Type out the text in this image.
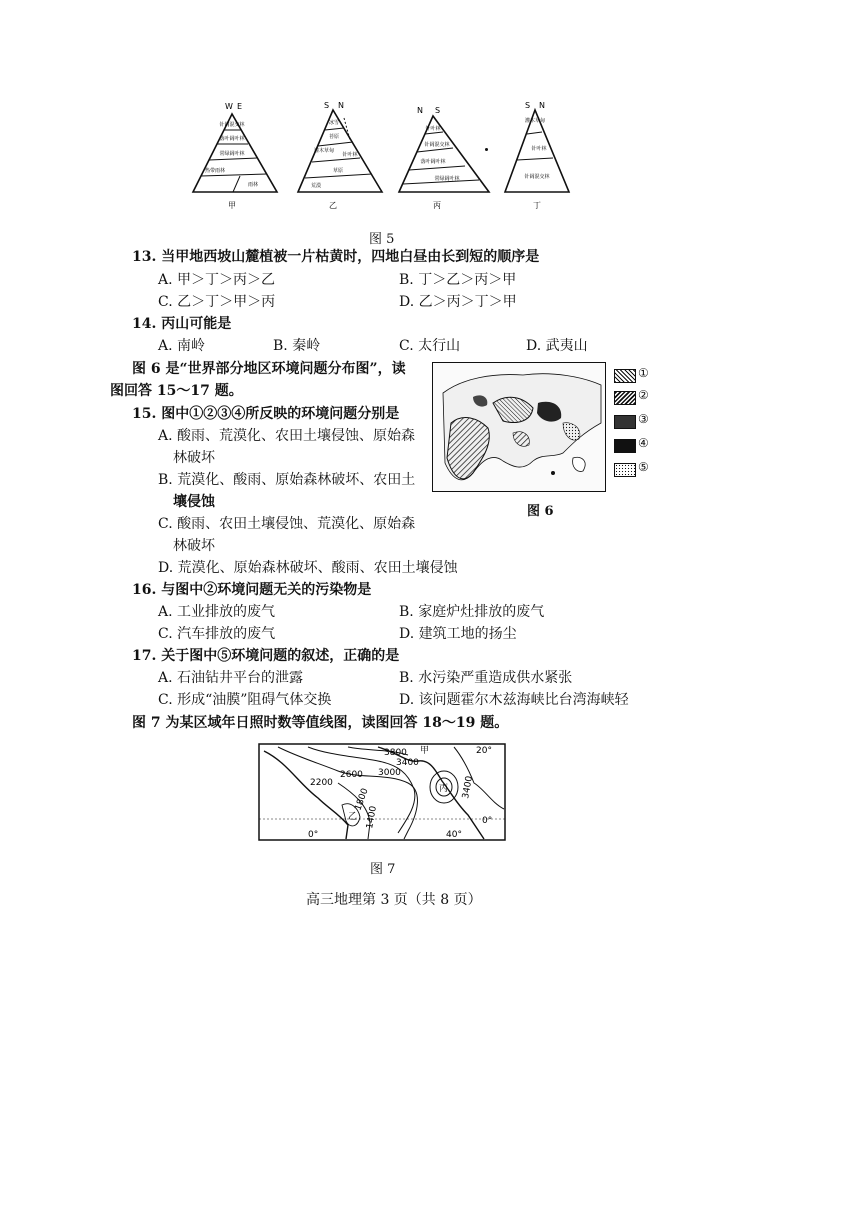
针阔混交林
落叶阔叶林
常绿阔叶林
热带雨林
雨林
W E
甲
冰雪
苔原
灌木草甸
针叶林
草原
荒漠
S N
乙
针叶林
针阔混交林
落叶阔叶林
常绿阔叶林
N S
丙
灌木草甸
针叶林
针阔混交林
S N
丁
图 5
13. 当甲地西坡山麓植被一片枯黄时，四地白昼由长到短的顺序是
A. 甲＞丁＞丙＞乙	B. 丁＞乙＞丙＞甲
C. 乙＞丁＞甲＞丙	D. 乙＞丙＞丁＞甲
14. 丙山可能是
A. 南岭	B. 秦岭	C. 太行山	D. 武夷山
图 6 是“世界部分地区环境问题分布图”，读
图回答 15～17 题。
15. 图中①②③④所反映的环境问题分别是
A. 酸雨、荒漠化、农田土壤侵蚀、原始森
林破坏
B. 荒漠化、酸雨、原始森林破坏、农田土
壤侵蚀
C. 酸雨、农田土壤侵蚀、荒漠化、原始森
林破坏
D. 荒漠化、原始森林破坏、酸雨、农田土壤侵蚀
①
②
③
④
⑤
图 6
16. 与图中②环境问题无关的污染物是
A. 工业排放的废气	B. 家庭炉灶排放的废气
C. 汽车排放的废气	D. 建筑工地的扬尘
17. 关于图中⑤环境问题的叙述，正确的是
A. 石油钻井平台的泄露	B. 水污染严重造成供水紧张
C. 形成“油膜”阻碍气体交换	D. 该问题霍尔木兹海峡比台湾海峡轻
图 7 为某区域年日照时数等值线图，读图回答 18～19 题。
3800
3400
3000
2600
2200
1800
1400
3400
甲
乙
丙
20°
0°
0°
40°
图 7
高三地理第 3 页（共 8 页）
